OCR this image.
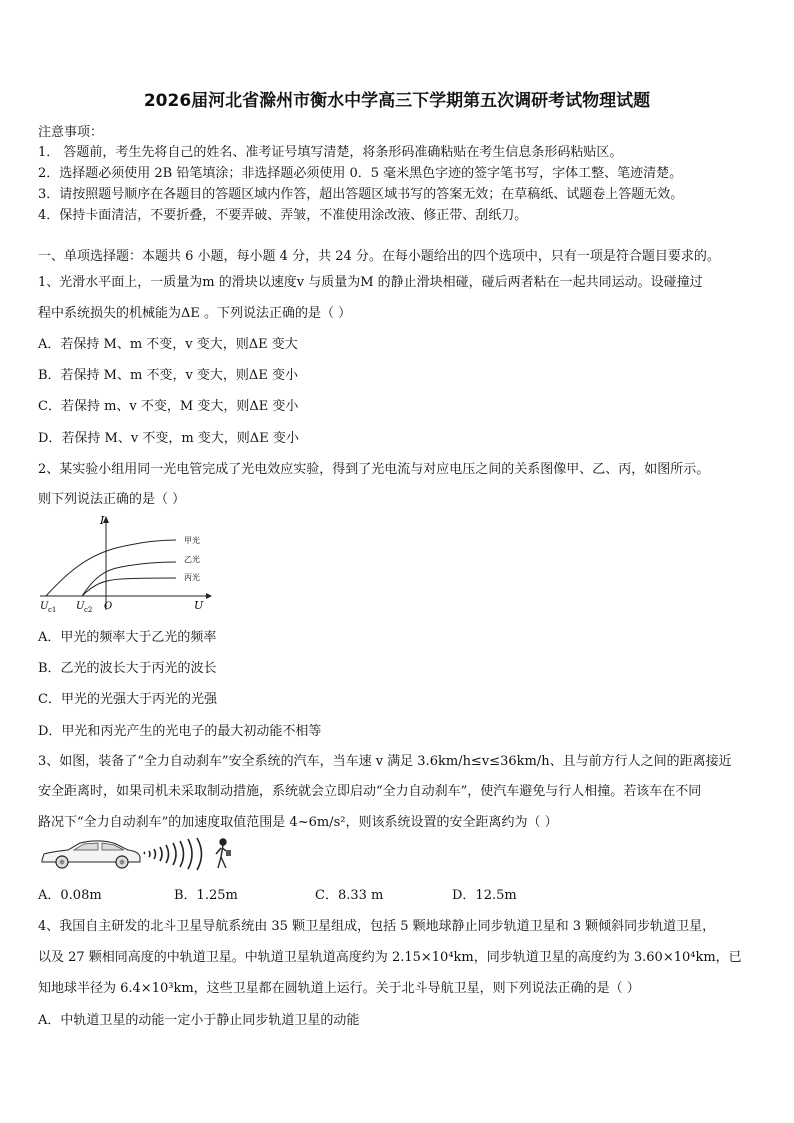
2026届河北省滁州市衡水中学高三下学期第五次调研考试物理试题
注意事项：
1． 答题前，考生先将自己的姓名、准考证号填写清楚，将条形码准确粘贴在考生信息条形码粘贴区。
2．选择题必须使用 2B 铅笔填涂；非选择题必须使用 0．5 毫米黑色字迹的签字笔书写，字体工整、笔迹清楚。
3．请按照题号顺序在各题目的答题区域内作答，超出答题区域书写的答案无效；在草稿纸、试题卷上答题无效。
4．保持卡面清洁，不要折叠，不要弄破、弄皱，不准使用涂改液、修正带、刮纸刀。
一、单项选择题：本题共 6 小题，每小题 4 分，共 24 分。在每小题给出的四个选项中，只有一项是符合题目要求的。
1、光滑水平面上，一质量为m 的滑块以速度v 与质量为M 的静止滑块相碰，碰后两者粘在一起共同运动。设碰撞过
程中系统损失的机械能为ΔE 。下列说法正确的是（ ）
A．若保持 M、m 不变，v 变大，则ΔE 变大
B．若保持 M、m 不变，v 变大，则ΔE 变小
C．若保持 m、v 不变，M 变大，则ΔE 变小
D．若保持 M、v 不变，m 变大，则ΔE 变小
2、某实验小组用同一光电管完成了光电效应实验，得到了光电流与对应电压之间的关系图像甲、乙、丙，如图所示。
则下列说法正确的是（ ）
I
U
O
U c1 U c2
甲光
乙光
丙光
A．甲光的频率大于乙光的频率
B．乙光的波长大于丙光的波长
C．甲光的光强大于丙光的光强
D．甲光和丙光产生的光电子的最大初动能不相等
3、如图，装备了“全力自动刹车”安全系统的汽车，当车速 v 满足 3.6km/h≤v≤36km/h、且与前方行人之间的距离接近
安全距离时，如果司机未采取制动措施，系统就会立即启动“全力自动刹车”，使汽车避免与行人相撞。若该车在不同
路况下“全力自动刹车”的加速度取值范围是 4~6m/s²，则该系统设置的安全距离约为（ ）
A．0.08m	B．1.25m	C．8.33 m	D．12.5m
4、我国自主研发的北斗卫星导航系统由 35 颗卫星组成，包括 5 颗地球静止同步轨道卫星和 3 颗倾斜同步轨道卫星，
以及 27 颗相同高度的中轨道卫星。中轨道卫星轨道高度约为 2.15×10⁴km，同步轨道卫星的高度约为 3.60×10⁴km，已
知地球半径为 6.4×10³km，这些卫星都在圆轨道上运行。关于北斗导航卫星，则下列说法正确的是（ ）
A．中轨道卫星的动能一定小于静止同步轨道卫星的动能
